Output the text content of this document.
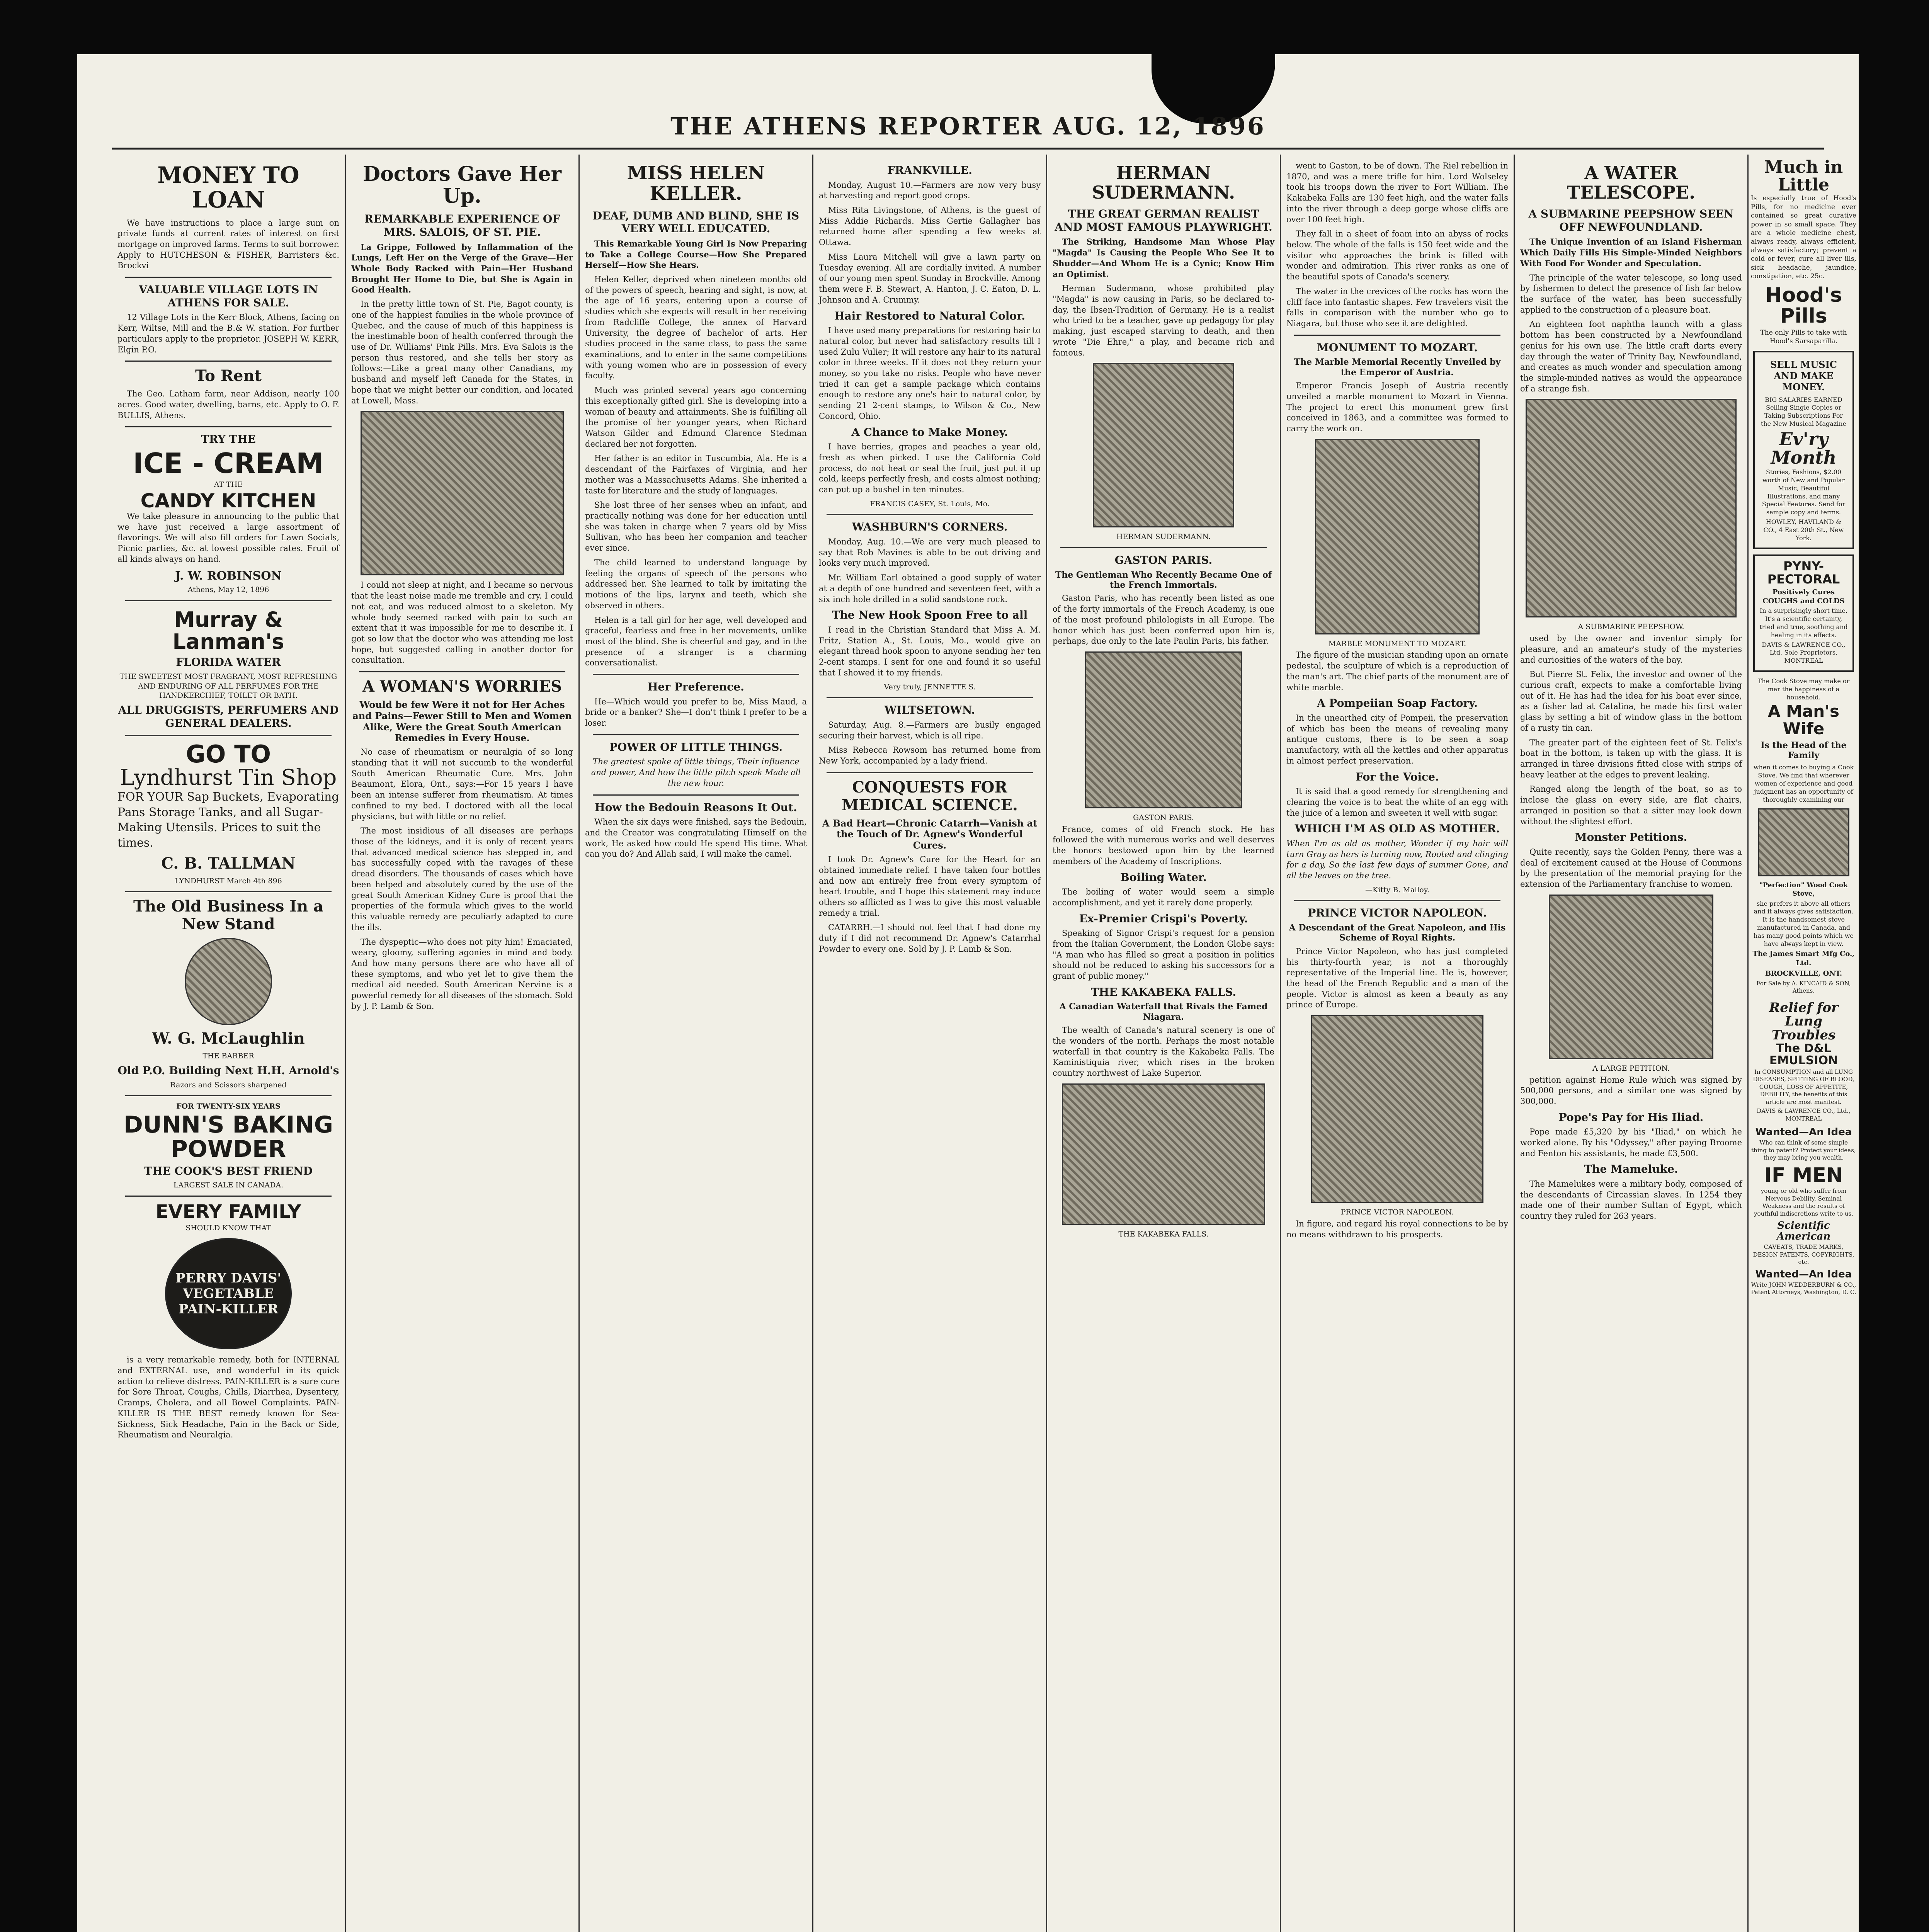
THE ATHENS REPORTER AUG. 12, 1896
MONEY TO LOAN
We have instructions to place a large sum on private funds at current rates of interest on first mortgage on improved farms. Terms to suit borrower. Apply to HUTCHESON & FISHER, Barristers &c. Brockvi
VALUABLE VILLAGE LOTS IN ATHENS FOR SALE.
12 Village Lots in the Kerr Block, Athens, facing on Kerr, Wiltse, Mill and the B.& W. station. For further particulars apply to the proprietor. JOSEPH W. KERR, Elgin P.O.
To Rent
The Geo. Latham farm, near Addison, nearly 100 acres. Good water, dwelling, barns, etc. Apply to O. F. BULLIS, Athens.
TRY THE
ICE - CREAM
AT THE
CANDY KITCHEN
We take pleasure in announcing to the public that we have just received a large assortment of flavorings. We will also fill orders for Lawn Socials, Picnic parties, &c. at lowest possible rates. Fruit of all kinds always on hand.
J. W. ROBINSON
Athens, May 12, 1896
Murray & Lanman's
FLORIDA WATER
THE SWEETEST MOST FRAGRANT, MOST REFRESHING AND ENDURING OF ALL PERFUMES FOR THE HANDKERCHIEF, TOILET OR BATH.
ALL DRUGGISTS, PERFUMERS AND GENERAL DEALERS.
GO TO
Lyndhurst Tin Shop
FOR YOUR Sap Buckets, Evaporating Pans Storage Tanks, and all Sugar-Making Utensils. Prices to suit the times.
C. B. TALLMAN
LYNDHURST March 4th 896
The Old Business In a New Stand
W. G. McLaughlin
THE BARBER
Old P.O. Building Next H.H. Arnold's
Razors and Scissors sharpened
FOR TWENTY-SIX YEARS
DUNN'S BAKING POWDER
THE COOK'S BEST FRIEND
LARGEST SALE IN CANADA.
EVERY FAMILY
SHOULD KNOW THAT
PERRY DAVIS' VEGETABLE PAIN-KILLER
is a very remarkable remedy, both for INTERNAL and EXTERNAL use, and wonderful in its quick action to relieve distress. PAIN-KILLER is a sure cure for Sore Throat, Coughs, Chills, Diarrhea, Dysentery, Cramps, Cholera, and all Bowel Complaints. PAIN-KILLER IS THE BEST remedy known for Sea-Sickness, Sick Headache, Pain in the Back or Side, Rheumatism and Neuralgia.
Doctors Gave Her Up.
REMARKABLE EXPERIENCE OF MRS. SALOIS, OF ST. PIE.
La Grippe, Followed by Inflammation of the Lungs, Left Her on the Verge of the Grave—Her Whole Body Racked with Pain—Her Husband Brought Her Home to Die, but She is Again in Good Health.
In the pretty little town of St. Pie, Bagot county, is one of the happiest families in the whole province of Quebec, and the cause of much of this happiness is the inestimable boon of health conferred through the use of Dr. Williams' Pink Pills. Mrs. Eva Salois is the person thus restored, and she tells her story as follows:—Like a great many other Canadians, my husband and myself left Canada for the States, in hope that we might better our condition, and located at Lowell, Mass.
I could not sleep at night, and I became so nervous that the least noise made me tremble and cry. I could not eat, and was reduced almost to a skeleton. My whole body seemed racked with pain to such an extent that it was impossible for me to describe it. I got so low that the doctor who was attending me lost hope, but suggested calling in another doctor for consultation.
A WOMAN'S WORRIES
Would be few Were it not for Her Aches and Pains—Fewer Still to Men and Women Alike, Were the Great South American Remedies in Every House.
No case of rheumatism or neuralgia of so long standing that it will not succumb to the wonderful South American Rheumatic Cure. Mrs. John Beaumont, Elora, Ont., says:—For 15 years I have been an intense sufferer from rheumatism. At times confined to my bed. I doctored with all the local physicians, but with little or no relief.
The most insidious of all diseases are perhaps those of the kidneys, and it is only of recent years that advanced medical science has stepped in, and has successfully coped with the ravages of these dread disorders. The thousands of cases which have been helped and absolutely cured by the use of the great South American Kidney Cure is proof that the properties of the formula which gives to the world this valuable remedy are peculiarly adapted to cure the ills.
The dyspeptic—who does not pity him! Emaciated, weary, gloomy, suffering agonies in mind and body. And how many persons there are who have all of these symptoms, and who yet let to give them the medical aid needed. South American Nervine is a powerful remedy for all diseases of the stomach. Sold by J. P. Lamb & Son.
MISS HELEN KELLER.
DEAF, DUMB AND BLIND, SHE IS VERY WELL EDUCATED.
This Remarkable Young Girl Is Now Preparing to Take a College Course—How She Prepared Herself—How She Hears.
Helen Keller, deprived when nineteen months old of the powers of speech, hearing and sight, is now, at the age of 16 years, entering upon a course of studies which she expects will result in her receiving from Radcliffe College, the annex of Harvard University, the degree of bachelor of arts. Her studies proceed in the same class, to pass the same examinations, and to enter in the same competitions with young women who are in possession of every faculty.
Much was printed several years ago concerning this exceptionally gifted girl. She is developing into a woman of beauty and attainments. She is fulfilling all the promise of her younger years, when Richard Watson Gilder and Edmund Clarence Stedman declared her not forgotten.
Her father is an editor in Tuscumbia, Ala. He is a descendant of the Fairfaxes of Virginia, and her mother was a Massachusetts Adams. She inherited a taste for literature and the study of languages.
She lost three of her senses when an infant, and practically nothing was done for her education until she was taken in charge when 7 years old by Miss Sullivan, who has been her companion and teacher ever since.
The child learned to understand language by feeling the organs of speech of the persons who addressed her. She learned to talk by imitating the motions of the lips, larynx and teeth, which she observed in others.
Helen is a tall girl for her age, well developed and graceful, fearless and free in her movements, unlike most of the blind. She is cheerful and gay, and in the presence of a stranger is a charming conversationalist.
Her Preference.
He—Which would you prefer to be, Miss Maud, a bride or a banker? She—I don't think I prefer to be a loser.
POWER OF LITTLE THINGS.
The greatest spoke of little things, Their influence and power, And how the little pitch speak Made all the new hour.
How the Bedouin Reasons It Out.
When the six days were finished, says the Bedouin, and the Creator was congratulating Himself on the work, He asked how could He spend His time. What can you do? And Allah said, I will make the camel.
FRANKVILLE.
Monday, August 10.—Farmers are now very busy at harvesting and report good crops.
Miss Rita Livingstone, of Athens, is the guest of Miss Addie Richards. Miss Gertie Gallagher has returned home after spending a few weeks at Ottawa.
Miss Laura Mitchell will give a lawn party on Tuesday evening. All are cordially invited. A number of our young men spent Sunday in Brockville. Among them were F. B. Stewart, A. Hanton, J. C. Eaton, D. L. Johnson and A. Crummy.
Hair Restored to Natural Color.
I have used many preparations for restoring hair to natural color, but never had satisfactory results till I used Zulu Vulier; It will restore any hair to its natural color in three weeks. If it does not they return your money, so you take no risks. People who have never tried it can get a sample package which contains enough to restore any one's hair to natural color, by sending 21 2-cent stamps, to Wilson & Co., New Concord, Ohio.
A Chance to Make Money.
I have berries, grapes and peaches a year old, fresh as when picked. I use the California Cold process, do not heat or seal the fruit, just put it up cold, keeps perfectly fresh, and costs almost nothing; can put up a bushel in ten minutes.
FRANCIS CASEY, St. Louis, Mo.
WASHBURN'S CORNERS.
Monday, Aug. 10.—We are very much pleased to say that Rob Mavines is able to be out driving and looks very much improved.
Mr. William Earl obtained a good supply of water at a depth of one hundred and seventeen feet, with a six inch hole drilled in a solid sandstone rock.
The New Hook Spoon Free to all
I read in the Christian Standard that Miss A. M. Fritz, Station A., St. Louis, Mo., would give an elegant thread hook spoon to anyone sending her ten 2-cent stamps. I sent for one and found it so useful that I showed it to my friends.
Very truly, JENNETTE S.
WILTSETOWN.
Saturday, Aug. 8.—Farmers are busily engaged securing their harvest, which is all ripe.
Miss Rebecca Rowsom has returned home from New York, accompanied by a lady friend.
CONQUESTS FOR MEDICAL SCIENCE.
A Bad Heart—Chronic Catarrh—Vanish at the Touch of Dr. Agnew's Wonderful Cures.
I took Dr. Agnew's Cure for the Heart for an obtained immediate relief. I have taken four bottles and now am entirely free from every symptom of heart trouble, and I hope this statement may induce others so afflicted as I was to give this most valuable remedy a trial.
CATARRH.—I should not feel that I had done my duty if I did not recommend Dr. Agnew's Catarrhal Powder to every one. Sold by J. P. Lamb & Son.
HERMAN SUDERMANN.
THE GREAT GERMAN REALIST AND MOST FAMOUS PLAYWRIGHT.
The Striking, Handsome Man Whose Play "Magda" Is Causing the People Who See It to Shudder—And Whom He is a Cynic; Know Him an Optimist.
Herman Sudermann, whose prohibited play "Magda" is now causing in Paris, so he declared to-day, the Ibsen-Tradition of Germany. He is a realist who tried to be a teacher, gave up pedagogy for play making, just escaped starving to death, and then wrote "Die Ehre," a play, and became rich and famous.
HERMAN SUDERMANN.
GASTON PARIS.
The Gentleman Who Recently Became One of the French Immortals.
Gaston Paris, who has recently been listed as one of the forty immortals of the French Academy, is one of the most profound philologists in all Europe. The honor which has just been conferred upon him is, perhaps, due only to the late Paulin Paris, his father.
GASTON PARIS.
France, comes of old French stock. He has followed the with numerous works and well deserves the honors bestowed upon him by the learned members of the Academy of Inscriptions.
Boiling Water.
The boiling of water would seem a simple accomplishment, and yet it rarely done properly.
Ex-Premier Crispi's Poverty.
Speaking of Signor Crispi's request for a pension from the Italian Government, the London Globe says: "A man who has filled so great a position in politics should not be reduced to asking his successors for a grant of public money."
THE KAKABEKA FALLS.
A Canadian Waterfall that Rivals the Famed Niagara.
The wealth of Canada's natural scenery is one of the wonders of the north. Perhaps the most notable waterfall in that country is the Kakabeka Falls. The Kaministiquia river, which rises in the broken country northwest of Lake Superior.
THE KAKABEKA FALLS.
went to Gaston, to be of down. The Riel rebellion in 1870, and was a mere trifle for him. Lord Wolseley took his troops down the river to Fort William. The Kakabeka Falls are 130 feet high, and the water falls into the river through a deep gorge whose cliffs are over 100 feet high.
They fall in a sheet of foam into an abyss of rocks below. The whole of the falls is 150 feet wide and the visitor who approaches the brink is filled with wonder and admiration. This river ranks as one of the beautiful spots of Canada's scenery.
The water in the crevices of the rocks has worn the cliff face into fantastic shapes. Few travelers visit the falls in comparison with the number who go to Niagara, but those who see it are delighted.
MONUMENT TO MOZART.
The Marble Memorial Recently Unveiled by the Emperor of Austria.
Emperor Francis Joseph of Austria recently unveiled a marble monument to Mozart in Vienna. The project to erect this monument grew first conceived in 1863, and a committee was formed to carry the work on.
MARBLE MONUMENT TO MOZART.
The figure of the musician standing upon an ornate pedestal, the sculpture of which is a reproduction of the man's art. The chief parts of the monument are of white marble.
A Pompeiian Soap Factory.
In the unearthed city of Pompeii, the preservation of which has been the means of revealing many antique customs, there is to be seen a soap manufactory, with all the kettles and other apparatus in almost perfect preservation.
For the Voice.
It is said that a good remedy for strengthening and clearing the voice is to beat the white of an egg with the juice of a lemon and sweeten it well with sugar.
WHICH I'M AS OLD AS MOTHER.
When I'm as old as mother, Wonder if my hair will turn Gray as hers is turning now, Rooted and clinging for a day, So the last few days of summer Gone, and all the leaves on the tree.
—Kitty B. Malloy.
PRINCE VICTOR NAPOLEON.
A Descendant of the Great Napoleon, and His Scheme of Royal Rights.
Prince Victor Napoleon, who has just completed his thirty-fourth year, is not a thoroughly representative of the Imperial line. He is, however, the head of the French Republic and a man of the people. Victor is almost as keen a beauty as any prince of Europe.
PRINCE VICTOR NAPOLEON.
In figure, and regard his royal connections to be by no means withdrawn to his prospects.
A WATER TELESCOPE.
A SUBMARINE PEEPSHOW SEEN OFF NEWFOUNDLAND.
The Unique Invention of an Island Fisherman Which Daily Fills His Simple-Minded Neighbors With Food For Wonder and Speculation.
The principle of the water telescope, so long used by fishermen to detect the presence of fish far below the surface of the water, has been successfully applied to the construction of a pleasure boat.
An eighteen foot naphtha launch with a glass bottom has been constructed by a Newfoundland genius for his own use. The little craft darts every day through the water of Trinity Bay, Newfoundland, and creates as much wonder and speculation among the simple-minded natives as would the appearance of a strange fish.
A SUBMARINE PEEPSHOW.
used by the owner and inventor simply for pleasure, and an amateur's study of the mysteries and curiosities of the waters of the bay.
But Pierre St. Felix, the investor and owner of the curious craft, expects to make a comfortable living out of it. He has had the idea for his boat ever since, as a fisher lad at Catalina, he made his first water glass by setting a bit of window glass in the bottom of a rusty tin can.
The greater part of the eighteen feet of St. Felix's boat in the bottom, is taken up with the glass. It is arranged in three divisions fitted close with strips of heavy leather at the edges to prevent leaking.
Ranged along the length of the boat, so as to inclose the glass on every side, are flat chairs, arranged in position so that a sitter may look down without the slightest effort.
Monster Petitions.
Quite recently, says the Golden Penny, there was a deal of excitement caused at the House of Commons by the presentation of the memorial praying for the extension of the Parliamentary franchise to women.
A LARGE PETITION.
petition against Home Rule which was signed by 500,000 persons, and a similar one was signed by 300,000.
Pope's Pay for His Iliad.
Pope made £5,320 by his "Iliad," on which he worked alone. By his "Odyssey," after paying Broome and Fenton his assistants, he made £3,500.
The Mameluke.
The Mamelukes were a military body, composed of the descendants of Circassian slaves. In 1254 they made one of their number Sultan of Egypt, which country they ruled for 263 years.
Much in Little
Is especially true of Hood's Pills, for no medicine ever contained so great curative power in so small space. They are a whole medicine chest, always ready, always efficient, always satisfactory; prevent a cold or fever, cure all liver ills, sick headache, jaundice, constipation, etc. 25c.
Hood's Pills
The only Pills to take with Hood's Sarsaparilla.
SELL MUSIC AND MAKE MONEY.
BIG SALARIES EARNED Selling Single Copies or Taking Subscriptions For the New Musical Magazine
Ev'ry Month
Stories, Fashions, $2.00 worth of New and Popular Music, Beautiful Illustrations, and many Special Features. Send for sample copy and terms.
HOWLEY, HAVILAND & CO., 4 East 20th St., New York.
PYNY-PECTORAL
Positively Cures COUGHS and COLDS
In a surprisingly short time. It's a scientific certainty, tried and true, soothing and healing in its effects.
DAVIS & LAWRENCE CO., Ltd. Sole Proprietors, MONTREAL
The Cook Stove may make or mar the happiness of a household.
A Man's Wife
Is the Head of the Family
when it comes to buying a Cook Stove. We find that wherever women of experience and good judgment has an opportunity of thoroughly examining our
"Perfection" Wood Cook Stove,
she prefers it above all others and it always gives satisfaction. It is the handsomest stove manufactured in Canada, and has many good points which we have always kept in view.
The James Smart Mfg Co., Ltd.
BROCKVILLE, ONT.
For Sale by A. KINCAID & SON, Athens.
Relief for Lung Troubles
The D&L EMULSION
In CONSUMPTION and all LUNG DISEASES, SPITTING OF BLOOD, COUGH, LOSS OF APPETITE, DEBILITY, the benefits of this article are most manifest.
DAVIS & LAWRENCE CO., Ltd., MONTREAL
Wanted—An Idea
Who can think of some simple thing to patent? Protect your ideas; they may bring you wealth.
IF MEN
young or old who suffer from Nervous Debility, Seminal Weakness and the results of youthful indiscretions write to us.
Scientific American
CAVEATS, TRADE MARKS, DESIGN PATENTS, COPYRIGHTS, etc.
Wanted—An Idea
Write JOHN WEDDERBURN & CO., Patent Attorneys, Washington, D. C.
